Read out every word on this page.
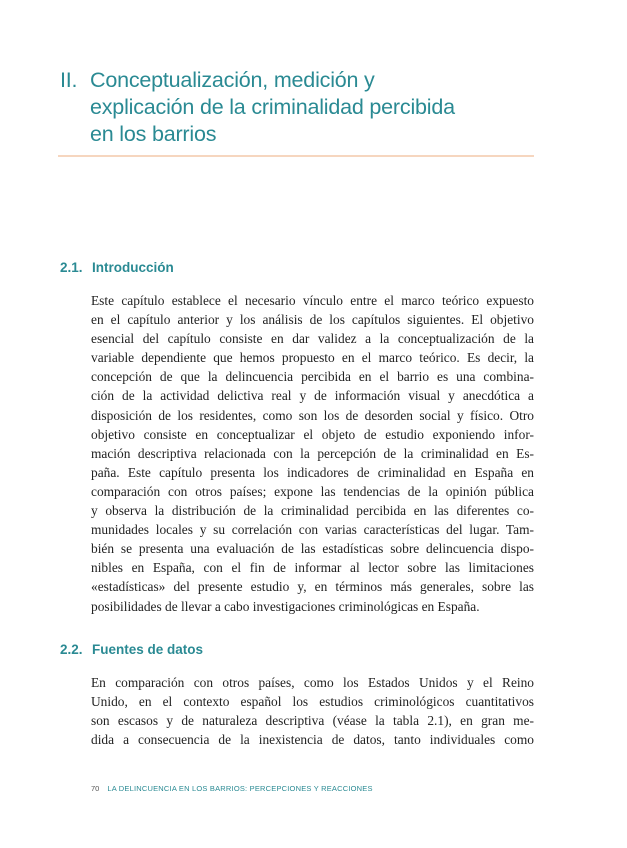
II. Conceptualización, medición y
explicación de la criminalidad percibida
en los barrios
2.1. Introducción
Este capítulo establece el necesario vínculo entre el marco teórico expuesto
en el capítulo anterior y los análisis de los capítulos siguientes. El objetivo
esencial del capítulo consiste en dar validez a la conceptualización de la
variable dependiente que hemos propuesto en el marco teórico. Es decir, la
concepción de que la delincuencia percibida en el barrio es una combina-
ción de la actividad delictiva real y de información visual y anecdótica a
disposición de los residentes, como son los de desorden social y físico. Otro
objetivo consiste en conceptualizar el objeto de estudio exponiendo infor-
mación descriptiva relacionada con la percepción de la criminalidad en Es-
paña. Este capítulo presenta los indicadores de criminalidad en España en
comparación con otros países; expone las tendencias de la opinión pública
y observa la distribución de la criminalidad percibida en las diferentes co-
munidades locales y su correlación con varias características del lugar. Tam-
bién se presenta una evaluación de las estadísticas sobre delincuencia dispo-
nibles en España, con el fin de informar al lector sobre las limitaciones
«estadísticas» del presente estudio y, en términos más generales, sobre las
posibilidades de llevar a cabo investigaciones criminológicas en España.
2.2. Fuentes de datos
En comparación con otros países, como los Estados Unidos y el Reino
Unido, en el contexto español los estudios criminológicos cuantitativos
son escasos y de naturaleza descriptiva (véase la tabla 2.1), en gran me-
dida a consecuencia de la inexistencia de datos, tanto individuales como
70 LA DELINCUENCIA EN LOS BARRIOS: PERCEPCIONES Y REACCIONES
